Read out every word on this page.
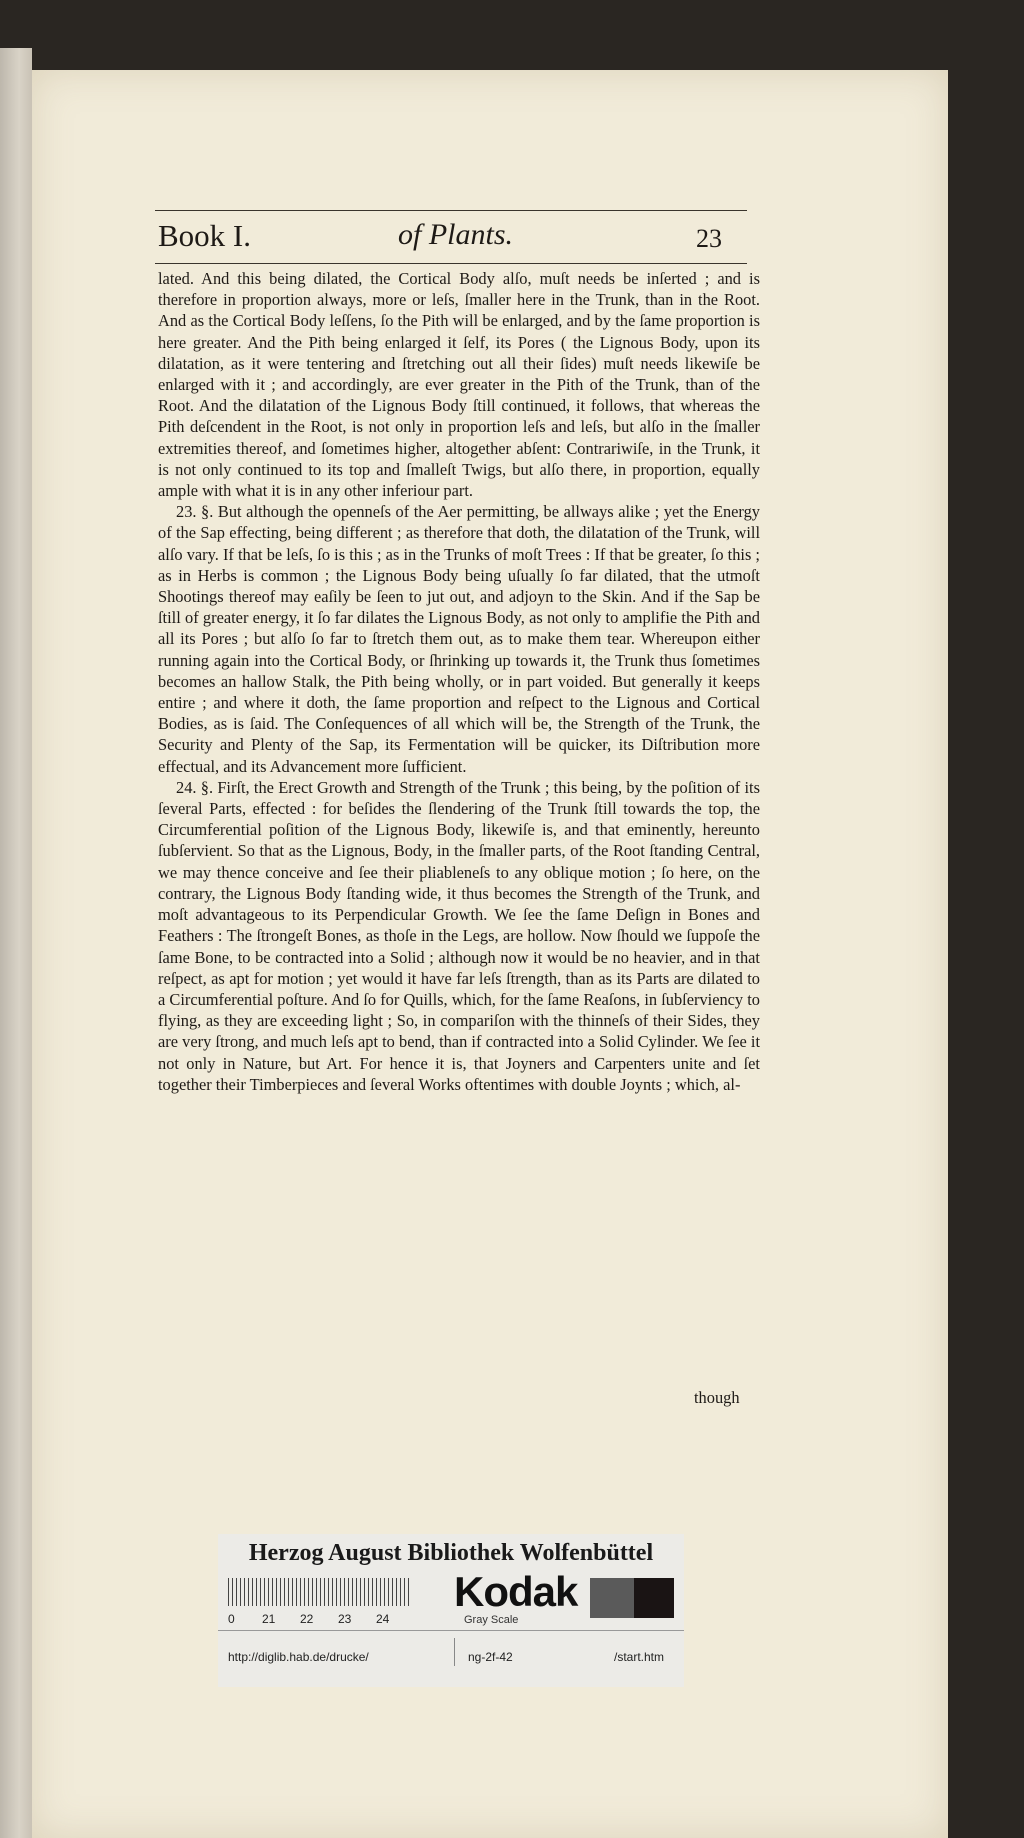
Book I.	of Plants.	23

lated. And this being dilated, the Cortical Body alſo, muſt needs be inſerted ; and is therefore in proportion always, more or leſs, ſmaller here in the Trunk, than in the Root. And as the Cortical Body leſſens, ſo the Pith will be enlarged, and by the ſame proportion is here greater. And the Pith being enlarged it ſelf, its Pores ( the Lignous Body, upon its dilatation, as it were tentering and ſtretching out all their ſides) muſt needs likewiſe be enlarged with it ; and accordingly, are ever greater in the Pith of the Trunk, than of the Root. And the dilatation of the Lignous Body ſtill continued, it follows, that whereas the Pith deſcendent in the Root, is not only in proportion leſs and leſs, but alſo in the ſmaller extremities thereof, and ſometimes higher, altogether abſent: Contrariwiſe, in the Trunk, it is not only continued to its top and ſmalleſt Twigs, but alſo there, in proportion, equally ample with what it is in any other inferiour part.

23. §. But although the openneſs of the Aer permitting, be allways alike ; yet the Energy of the Sap effecting, being different ; as therefore that doth, the dilatation of the Trunk, will alſo vary. If that be leſs, ſo is this ; as in the Trunks of moſt Trees : If that be greater, ſo this ; as in Herbs is common ; the Lignous Body being uſually ſo far dilated, that the utmoſt Shootings thereof may eaſily be ſeen to jut out, and adjoyn to the Skin. And if the Sap be ſtill of greater energy, it ſo far dilates the Lignous Body, as not only to amplifie the Pith and all its Pores ; but alſo ſo far to ſtretch them out, as to make them tear. Whereupon either running again into the Cortical Body, or ſhrinking up towards it, the Trunk thus ſometimes becomes an hallow Stalk, the Pith being wholly, or in part voided. But generally it keeps entire ; and where it doth, the ſame proportion and reſpect to the Lignous and Cortical Bodies, as is ſaid. The Conſequences of all which will be, the Strength of the Trunk, the Security and Plenty of the Sap, its Fermentation will be quicker, its Diſtribution more effectual, and its Advancement more ſufficient.

24. §. Firſt, the Erect Growth and Strength of the Trunk ; this being, by the poſition of its ſeveral Parts, effected : for beſides the ſlendering of the Trunk ſtill towards the top, the Circumferential poſition of the Lignous Body, likewiſe is, and that eminently, hereunto ſubſervient. So that as the Lignous, Body, in the ſmaller parts, of the Root ſtanding Central, we may thence conceive and ſee their pliableneſs to any oblique motion ; ſo here, on the contrary, the Lignous Body ſtanding wide, it thus becomes the Strength of the Trunk, and moſt advantageous to its Perpendicular Growth. We ſee the ſame Deſign in Bones and Feathers : The ſtrongeſt Bones, as thoſe in the Legs, are hollow. Now ſhould we ſuppoſe the ſame Bone, to be contracted into a Solid ; although now it would be no heavier, and in that reſpect, as apt for motion ; yet would it have far leſs ſtrength, than as its Parts are dilated to a Circumferential poſture. And ſo for Quills, which, for the ſame Reaſons, in ſubſerviency to flying, as they are exceeding light ; So, in compariſon with the thinneſs of their Sides, they are very ſtrong, and much leſs apt to bend, than if contracted into a Solid Cylinder. We ſee it not only in Nature, but Art. For hence it is, that Joyners and Carpenters unite and ſet together their Timberpieces and ſeveral Works oftentimes with double Joynts ; which, al-

though
Herzog August Bibliothek Wolfenbüttel
0 21 22 23 24
Kodak
Gray Scale
http://diglib.hab.de/drucke/	ng-2f-42	/start.htm
